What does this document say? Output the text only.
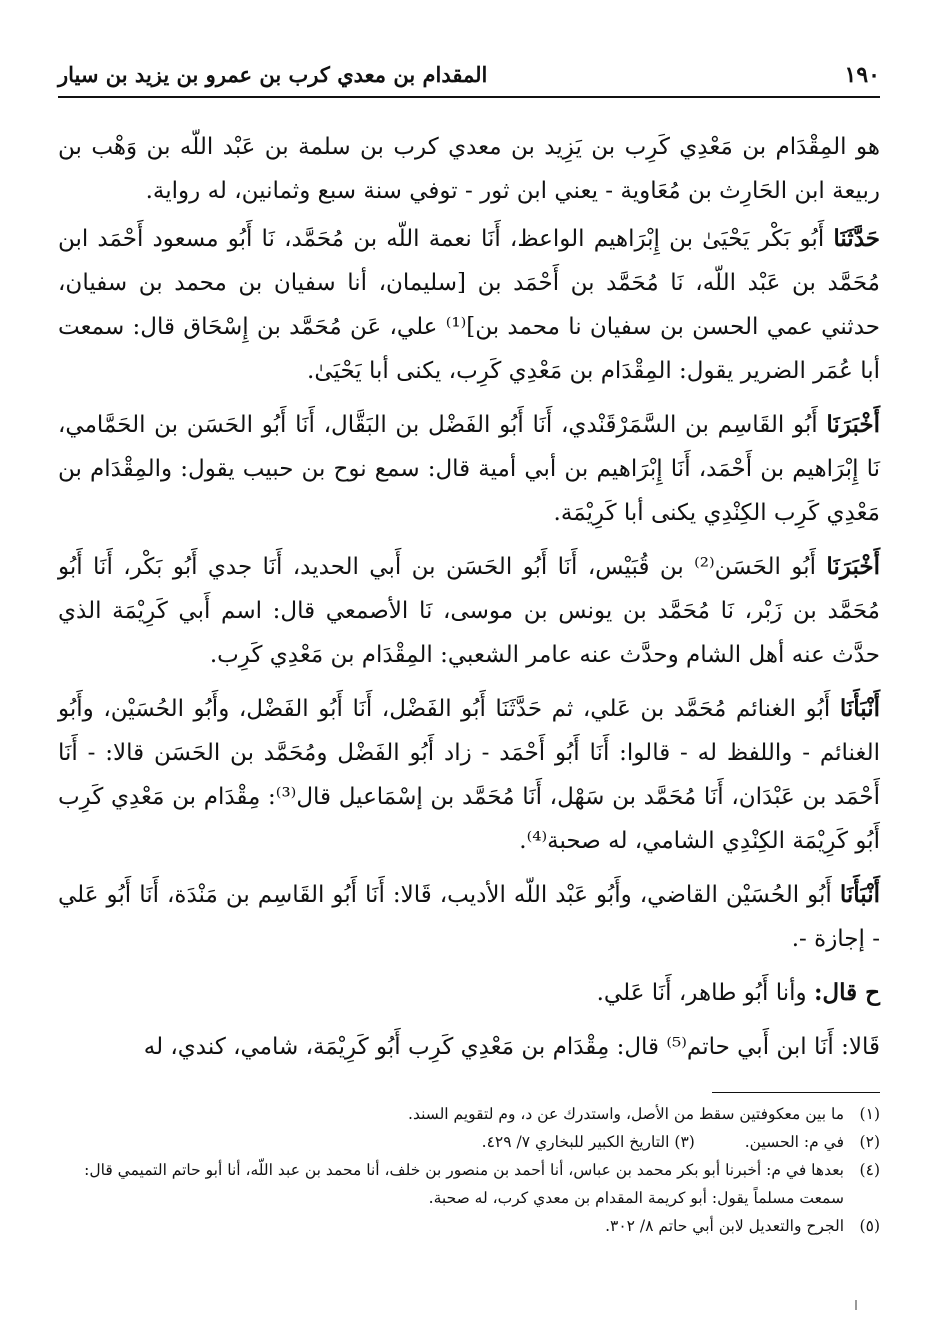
١٩٠
المقدام بن معدي كرب بن عمرو بن يزيد بن سيار

هو المِقْدَام بن مَعْدِي كَرِب بن يَزِيد بن معدي كرب بن سلمة بن عَبْد اللّه بن وَهْب بن ربيعة ابن الحَارِث بن مُعَاوية - يعني ابن ثور - توفي سنة سبع وثمانين، له رواية.

حَدَّثَنَا أَبُو بَكْر يَحْيَىٰ بن إِبْرَاهيم الواعظ، أَنَا نعمة اللّه بن مُحَمَّد، نَا أَبُو مسعود أَحْمَد ابن مُحَمَّد بن عَبْد اللّه، نَا مُحَمَّد بن أَحْمَد بن [سليمان، أنا سفيان بن محمد بن سفيان، حدثني عمي الحسن بن سفيان نا محمد بن]⁽¹⁾ علي، عَن مُحَمَّد بن إِسْحَاق قال: سمعت أبا عُمَر الضرير يقول: المِقْدَام بن مَعْدِي كَرِب، يكنى أبا يَحْيَىٰ.

أَخْبَرَنَا أَبُو القَاسِم بن السَّمَرْقَنْدي، أَنَا أَبُو الفَضْل بن البَقَّال، أَنَا أَبُو الحَسَن بن الحَمَّامي، نَا إِبْرَاهيم بن أَحْمَد، أَنَا إِبْرَاهيم بن أبي أمية قال: سمع نوح بن حبيب يقول: والمِقْدَام بن مَعْدِي كَرِب الكِنْدِي يكنى أبا كَرِيْمَة.

أَخْبَرَنَا أَبُو الحَسَن⁽²⁾ بن قُبَيْس، أَنَا أَبُو الحَسَن بن أَبي الحديد، أَنَا جدي أَبُو بَكْر، أَنَا أَبُو مُحَمَّد بن زَبْر، نَا مُحَمَّد بن يونس بن موسى، نَا الأصمعي قال: اسم أَبي كَرِيْمَة الذي حدَّث عنه أهل الشام وحدَّث عنه عامر الشعبي: المِقْدَام بن مَعْدِي كَرِب.

أَنْبَأَنَا أَبُو الغنائم مُحَمَّد بن عَلي، ثم حَدَّثَنَا أَبُو الفَضْل، أَنَا أَبُو الفَضْل، وأَبُو الحُسَيْن، وأَبُو الغنائم - واللفظ له - قالوا: أَنَا أَبُو أَحْمَد - زاد أَبُو الفَضْل ومُحَمَّد بن الحَسَن قالا: - أَنَا أَحْمَد بن عَبْدَان، أَنَا مُحَمَّد بن سَهْل، أَنَا مُحَمَّد بن إسْمَاعيل قال⁽³⁾: مِقْدَام بن مَعْدِي كَرِب أَبُو كَرِيْمَة الكِنْدِي الشامي، له صحبة⁽⁴⁾.

أَنْبَأَنَا أَبُو الحُسَيْن القاضي، وأَبُو عَبْد اللّه الأديب، قَالا: أَنَا أَبُو القَاسِم بن مَنْدَة، أَنَا أَبُو عَلي - إجازة -.

ح قال: وأنا أَبُو طاهر، أَنَا عَلي.

قَالا: أَنَا ابن أَبي حاتم⁽⁵⁾ قال: مِقْدَام بن مَعْدِي كَرِب أَبُو كَرِيْمَة، شامي، كندي، له

(١)
ما بين معكوفتين سقط من الأصل، واستدرك عن د، وم لتقويم السند.
(٢)
في م: الحسين.  (٣) التاريخ الكبير للبخاري ٧/ ٤٢٩.
(٤)
بعدها في م: أخبرنا أبو بكر محمد بن عباس، أنا أحمد بن منصور بن خلف، أنا محمد بن عبد اللّه، أنا أبو حاتم التميمي قال: سمعت مسلماً يقول: أبو كريمة المقدام بن معدي كرب، له صحبة.
(٥)
الجرح والتعديل لابن أبي حاتم ٨/ ٣٠٢.
